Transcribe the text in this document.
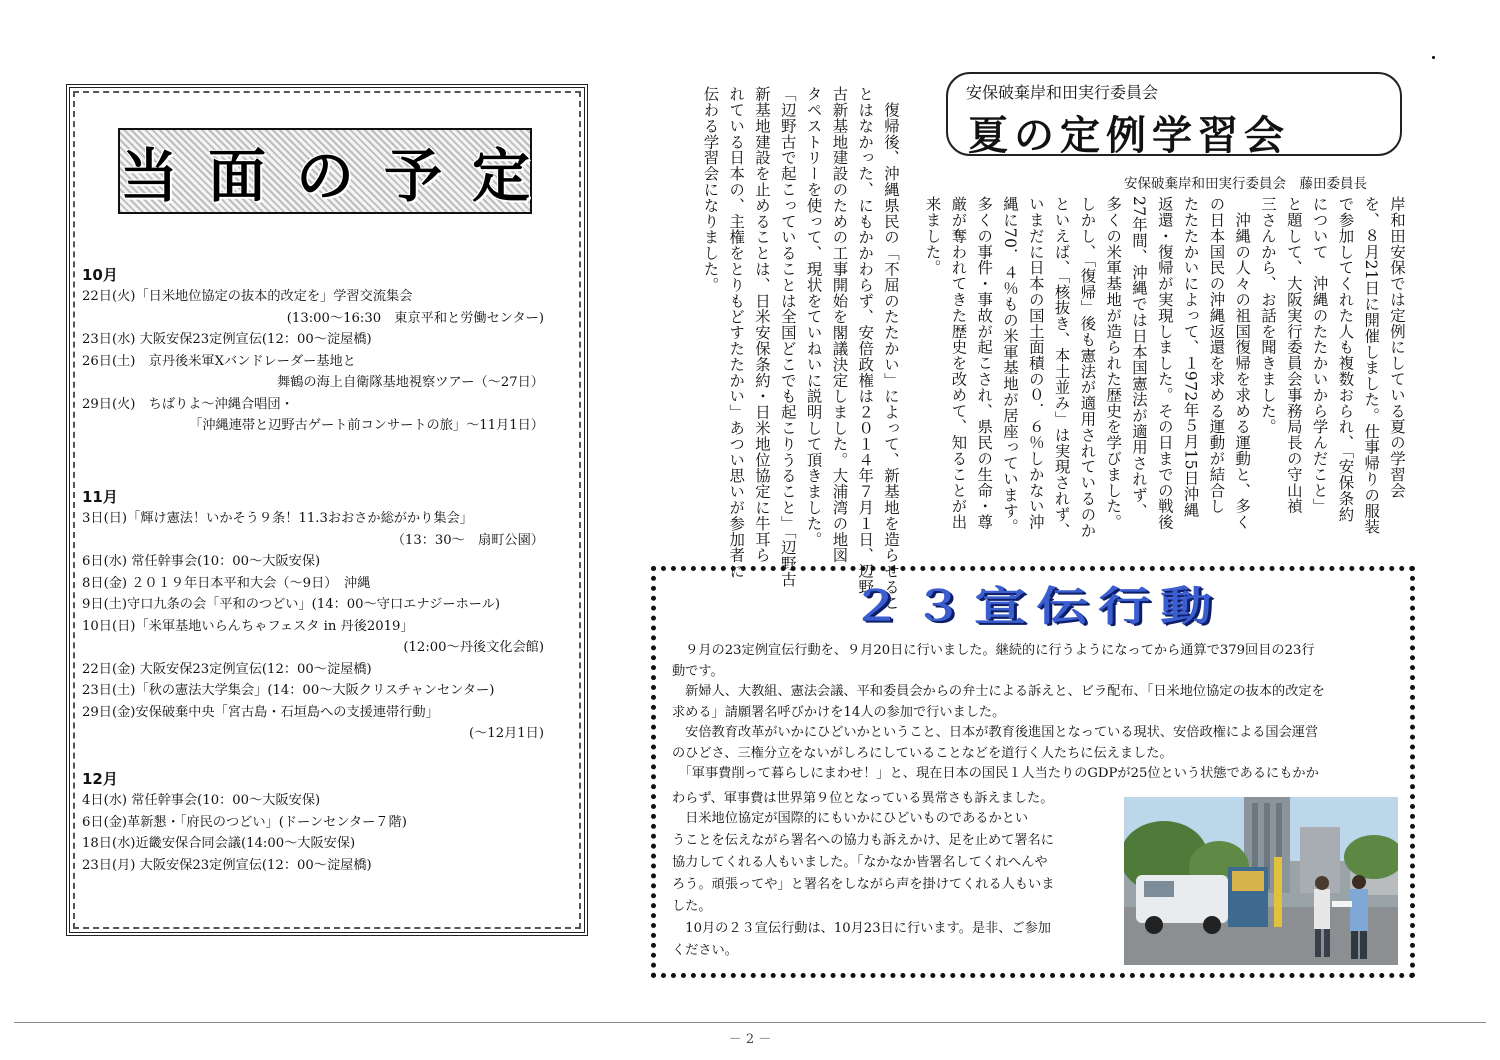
当面の予定
10月
22日(火)「日米地位協定の抜本的改定を」学習交流集会
(13:00～16:30　東京平和と労働センター)
23日(水) 大阪安保23定例宣伝(12：00～淀屋橋)
26日(土)　京丹後米軍Xバンドレーダー基地と
舞鶴の海上自衛隊基地視察ツアー（～27日）
29日(火)　ちばりよ～沖縄合唱団・
「沖縄連帯と辺野古ゲート前コンサートの旅」～11月1日）
11月
3日(日)「輝け憲法！いかそう９条！11.3おおさか総がかり集会」
（13：30～　扇町公園）
6日(水) 常任幹事会(10：00～大阪安保)
8日(金) ２０１９年日本平和大会（～9日）　沖縄
9日(土)守口九条の会「平和のつどい」(14：00～守口エナジーホール)
10日(日)「米軍基地いらんちゃフェスタ in 丹後2019」
(12:00～丹後文化会館)
22日(金) 大阪安保23定例宣伝(12：00～淀屋橋)
23日(土)「秋の憲法大学集会」(14：00～大阪クリスチャンセンター)
29日(金)安保破棄中央「宮古島・石垣島への支援連帯行動」
(～12月1日)
12月
4日(水) 常任幹事会(10：00～大阪安保)
6日(金)革新懇・「府民のつどい」(ドーンセンター７階)
18日(水)近畿安保合同会議(14:00～大阪安保)
23日(月) 大阪安保23定例宣伝(12：00～淀屋橋)
安保破棄岸和田実行委員会
夏の定例学習会
安保破棄岸和田実行委員会　藤田委員長
岸和田安保では定例にしている夏の学習会
を、８月21日に開催しました。仕事帰りの服装
で参加してくれた人も複数おられ、「安保条約
について　沖縄のたたかいから学んだこと」
と題して、大阪実行委員会事務局長の守山禎
三さんから、お話を聞きました。
　沖縄の人々の祖国復帰を求める運動と、多く
の日本国民の沖縄返還を求める運動が結合し
たたたかいによって、１972年５月15日沖縄
返還・復帰が実現しました。その日までの戦後
27年間、沖縄では日本国憲法が適用されず、
多くの米軍基地が造られた歴史を学びました。
しかし、「復帰」後も憲法が適用されているのか
といえば、「核抜き、本土並み」は実現されず、
いまだに日本の国土面積の０．６％しかない沖
縄に70．４％もの米軍基地が居座っています。
多くの事件・事故が起こされ、県民の生命・尊
厳が奪われてきた歴史を改めて、知ることが出
来ました。
　復帰後、沖縄県民の「不屈のたたかい」によって、新基地を造らせるこ
とはなかった、にもかかわらず、安倍政権は２０１４年７月１日、辺野
古新基地建設のための工事開始を閣議決定しました。大浦湾の地図
タペストリーを使って、現状をていねいに説明して頂きました。
「辺野古で起こっていることは全国どこでも起こりうること」「辺野古
新基地建設を止めることは、日米安保条約・日米地位協定に牛耳ら
れている日本の、主権をとりもどすたたかい」あつい思いが参加者に
伝わる学習会になりました。
２３宣伝行動
　９月の23定例宣伝行動を、９月20日に行いました。継続的に行うようになってから通算で379回目の23行
動です。
　新婦人、大教組、憲法会議、平和委員会からの弁士による訴えと、ビラ配布、「日米地位協定の抜本的改定を
求める」請願署名呼びかけを14人の参加で行いました。
　安倍教育改革がいかにひどいかということ、日本が教育後進国となっている現状、安倍政権による国会運営
のひどさ、三権分立をないがしろにしていることなどを道行く人たちに伝えました。
　「軍事費削って暮らしにまわせ！」と、現在日本の国民１人当たりのGDPが25位という状態であるにもかか
わらず、軍事費は世界第９位となっている異常さも訴えました。
　日米地位協定が国際的にもいかにひどいものであるかとい
うことを伝えながら署名への協力も訴えかけ、足を止めて署名に
協力してくれる人もいました。「なかなか皆署名してくれへんや
ろう。頑張ってや」と署名をしながら声を掛けてくれる人もいま
した。
　10月の２３宣伝行動は、10月23日に行います。是非、ご参加
ください。
－ 2 －
